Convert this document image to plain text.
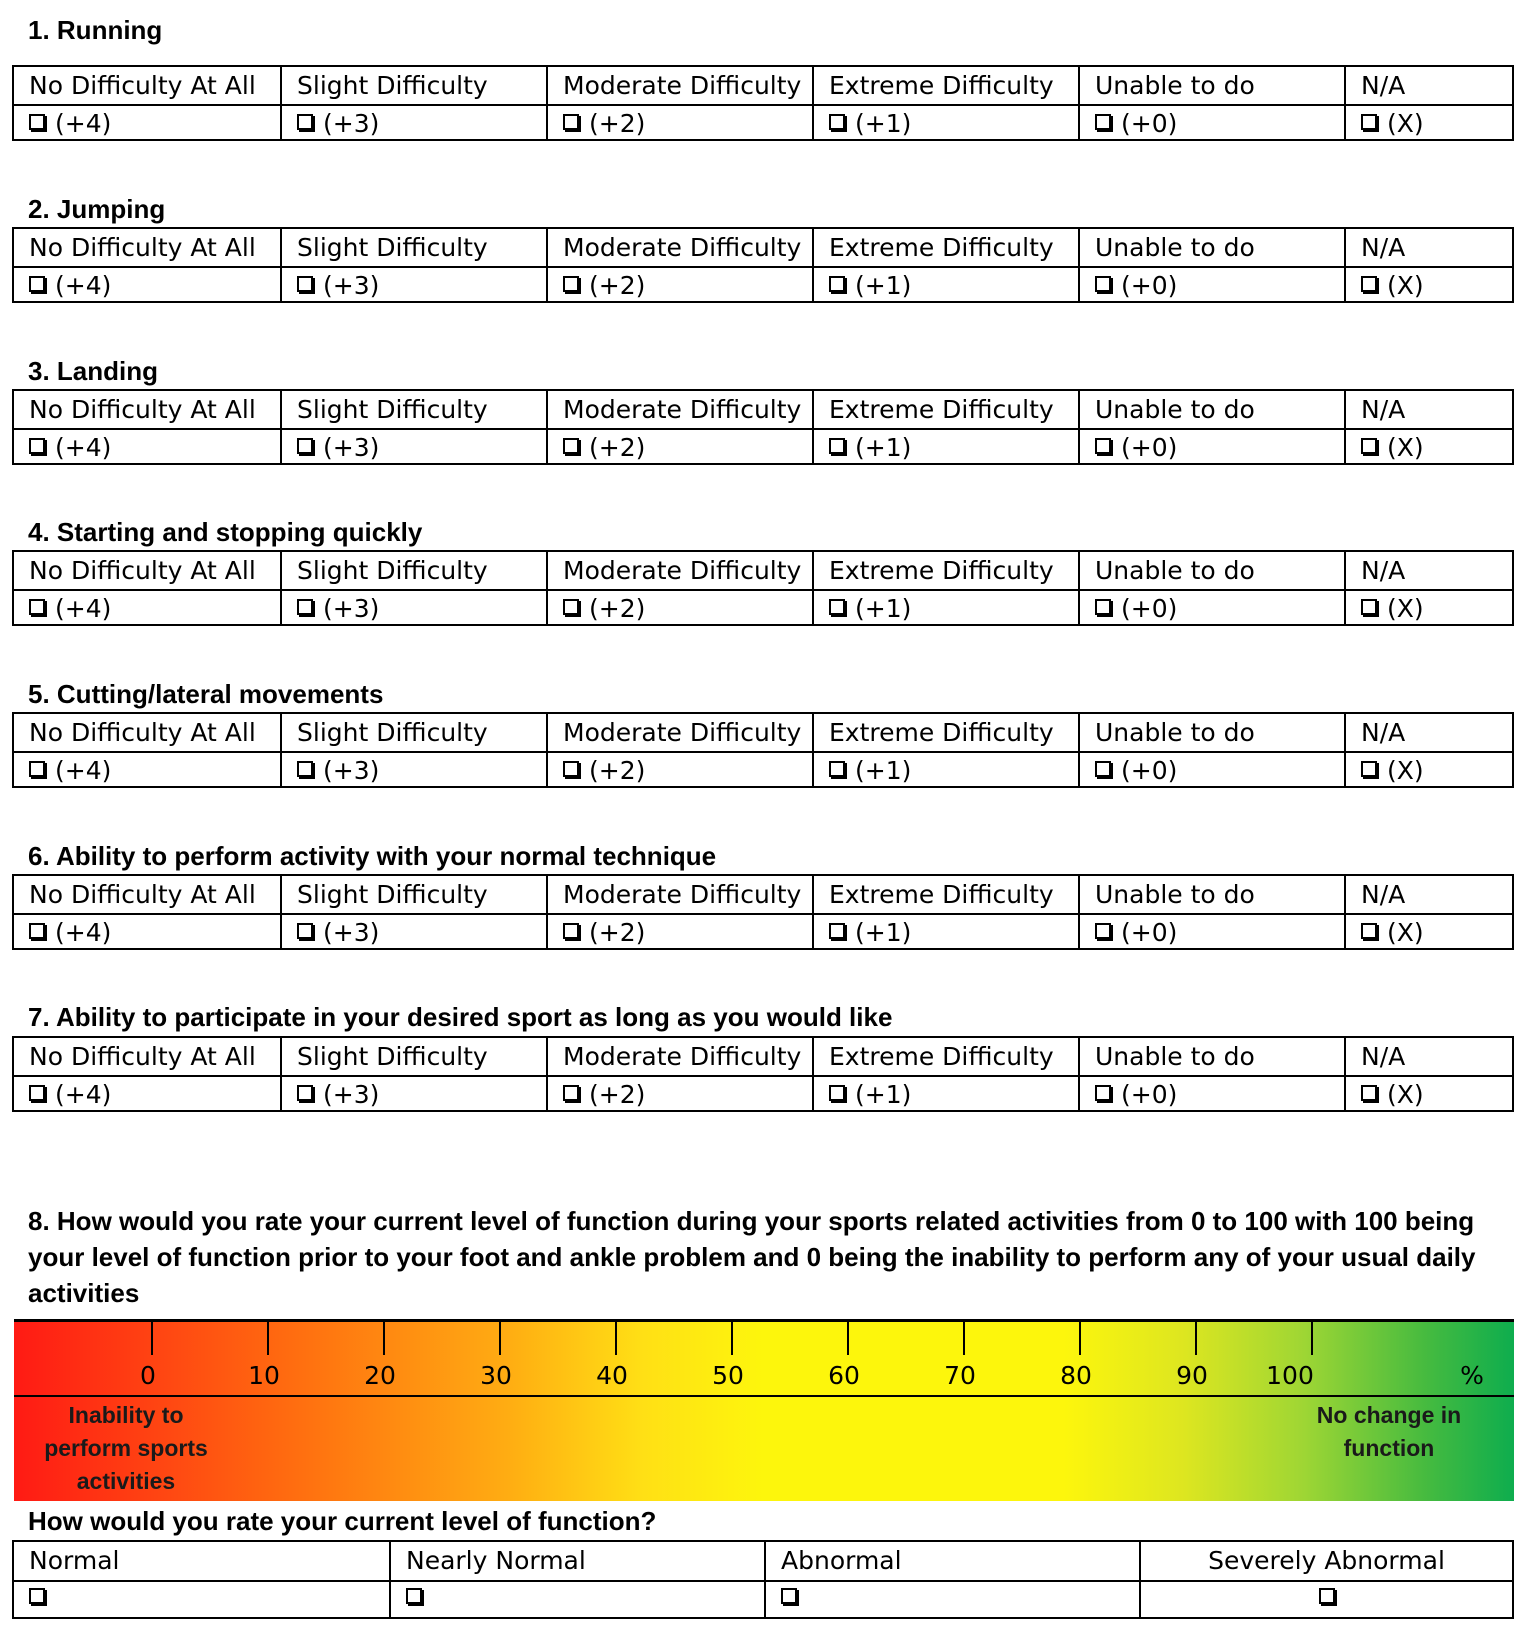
1. Running
No Difficulty At All	Slight Difficulty	Moderate Difficulty	Extreme Difficulty	Unable to do	N/A
(+4)	(+3)	(+2)	(+1)	(+0)	(X)
2. Jumping
No Difficulty At All	Slight Difficulty	Moderate Difficulty	Extreme Difficulty	Unable to do	N/A
(+4)	(+3)	(+2)	(+1)	(+0)	(X)
3. Landing
No Difficulty At All	Slight Difficulty	Moderate Difficulty	Extreme Difficulty	Unable to do	N/A
(+4)	(+3)	(+2)	(+1)	(+0)	(X)
4. Starting and stopping quickly
No Difficulty At All	Slight Difficulty	Moderate Difficulty	Extreme Difficulty	Unable to do	N/A
(+4)	(+3)	(+2)	(+1)	(+0)	(X)
5. Cutting/lateral movements
No Difficulty At All	Slight Difficulty	Moderate Difficulty	Extreme Difficulty	Unable to do	N/A
(+4)	(+3)	(+2)	(+1)	(+0)	(X)
6. Ability to perform activity with your normal technique
No Difficulty At All	Slight Difficulty	Moderate Difficulty	Extreme Difficulty	Unable to do	N/A
(+4)	(+3)	(+2)	(+1)	(+0)	(X)
7. Ability to participate in your desired sport as long as you would like
No Difficulty At All	Slight Difficulty	Moderate Difficulty	Extreme Difficulty	Unable to do	N/A
(+4)	(+3)	(+2)	(+1)	(+0)	(X)
8. How would you rate your current level of function during your sports related activities from 0 to 100 with 100 being your level of function prior to your foot and ankle problem and 0 being the inability to perform any of your usual daily activities
0	10	20	30	40	50	60	70	80	90 100	%
Inability to perform sports activities
No change in function
How would you rate your current level of function?
Normal	Nearly Normal	Abnormal	Severely Abnormal
